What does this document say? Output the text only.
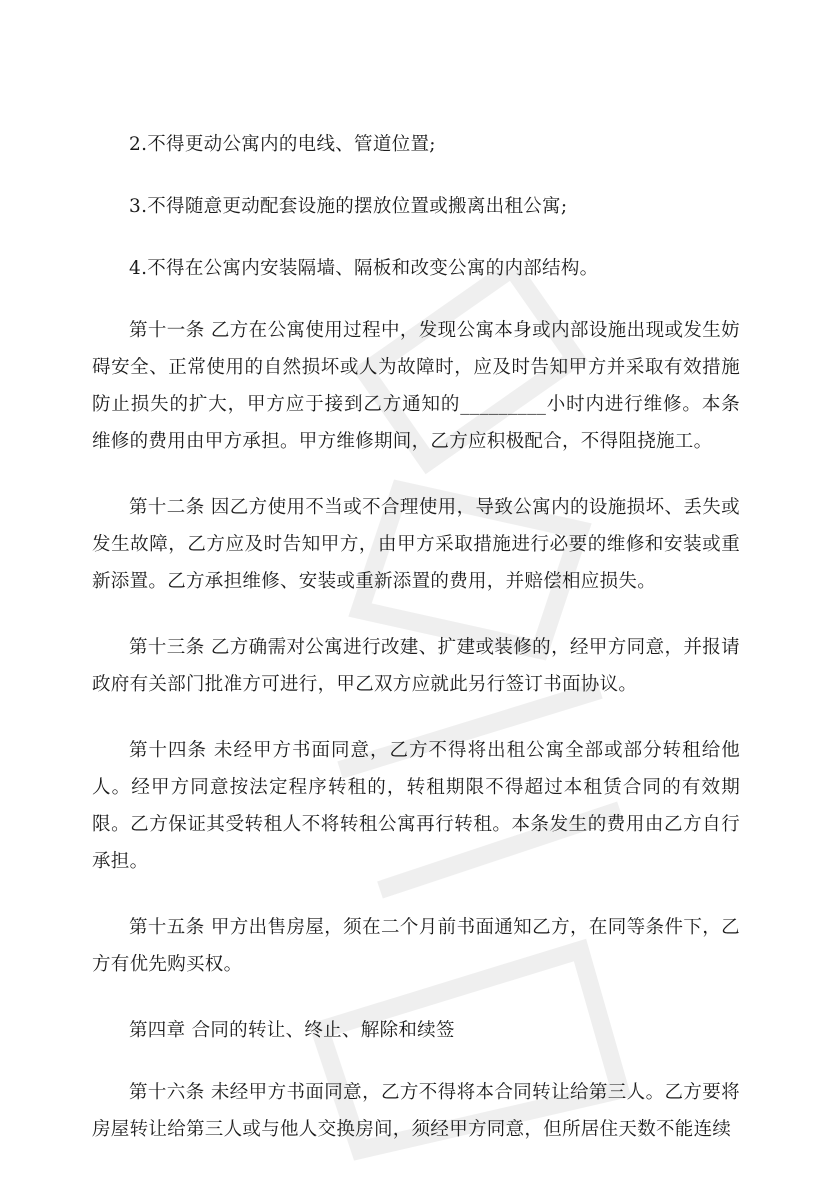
2.不得更动公寓内的电线、管道位置;

3.不得随意更动配套设施的摆放位置或搬离出租公寓;

4.不得在公寓内安装隔墙、隔板和改变公寓的内部结构。

第十一条 乙方在公寓使用过程中，发现公寓本身或内部设施出现或发生妨碍安全、正常使用的自然损坏或人为故障时，应及时告知甲方并采取有效措施防止损失的扩大，甲方应于接到乙方通知的_________小时内进行维修。本条维修的费用由甲方承担。甲方维修期间，乙方应积极配合，不得阻挠施工。

第十二条 因乙方使用不当或不合理使用，导致公寓内的设施损坏、丢失或发生故障，乙方应及时告知甲方，由甲方采取措施进行必要的维修和安装或重新添置。乙方承担维修、安装或重新添置的费用，并赔偿相应损失。

第十三条 乙方确需对公寓进行改建、扩建或装修的，经甲方同意，并报请政府有关部门批准方可进行，甲乙双方应就此另行签订书面协议。

第十四条 未经甲方书面同意，乙方不得将出租公寓全部或部分转租给他人。经甲方同意按法定程序转租的，转租期限不得超过本租赁合同的有效期限。乙方保证其受转租人不将转租公寓再行转租。本条发生的费用由乙方自行承担。

第十五条 甲方出售房屋，须在二个月前书面通知乙方，在同等条件下，乙方有优先购买权。

第四章 合同的转让、终止、解除和续签

第十六条 未经甲方书面同意，乙方不得将本合同转让给第三人。乙方要将房屋转让给第三人或与他人交换房间，须经甲方同意，但所居住天数不能连续
